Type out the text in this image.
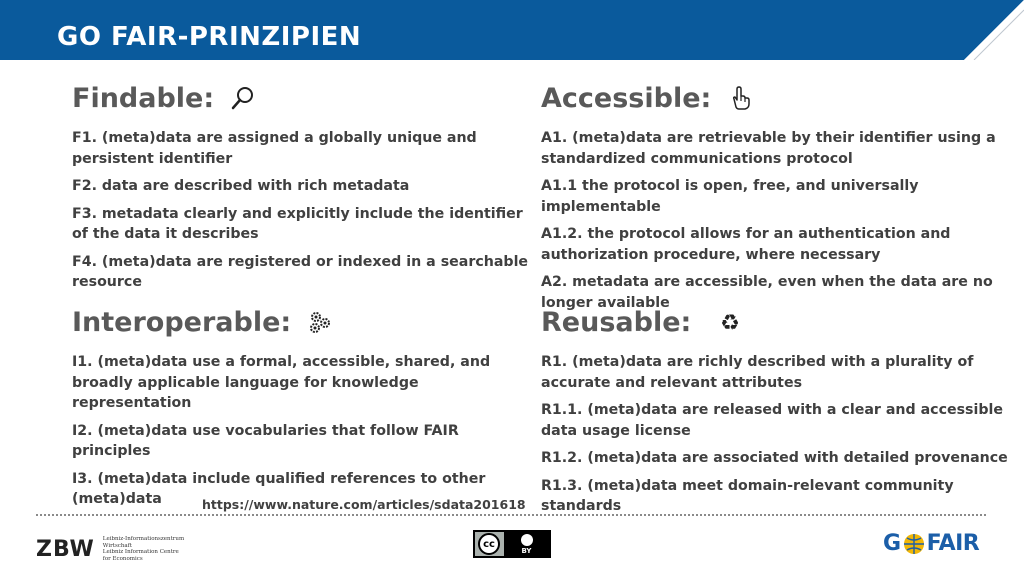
GO FAIR-PRINZIPIEN
Findable:
F1. (meta)data are assigned a globally unique and persistent identifier
F2. data are described with rich metadata
F3. metadata clearly and explicitly include the identifier of the data it describes
F4. (meta)data are registered or indexed in a searchable resource
Accessible:
A1. (meta)data are retrievable by their identifier using a standardized communications protocol
A1.1 the protocol is open, free, and universally implementable
A1.2. the protocol allows for an authentication and authorization procedure, where necessary
A2. metadata are accessible, even when the data are no longer available
Interoperable:
I1. (meta)data use a formal, accessible, shared, and broadly applicable language for knowledge representation
I2. (meta)data use vocabularies that follow FAIR principles
I3. (meta)data include qualified references to other (meta)data
Reusable: ♻
R1. (meta)data are richly described with a plurality of accurate and relevant attributes
R1.1. (meta)data are released with a clear and accessible data usage license
R1.2. (meta)data are associated with detailed provenance
R1.3. (meta)data meet domain-relevant community standards
https://www.nature.com/articles/sdata201618
ZBW Leibniz-Informationszentrum
Wirtschaft
Leibniz Information Centre
for Economics
cc
BY	G FAIR
